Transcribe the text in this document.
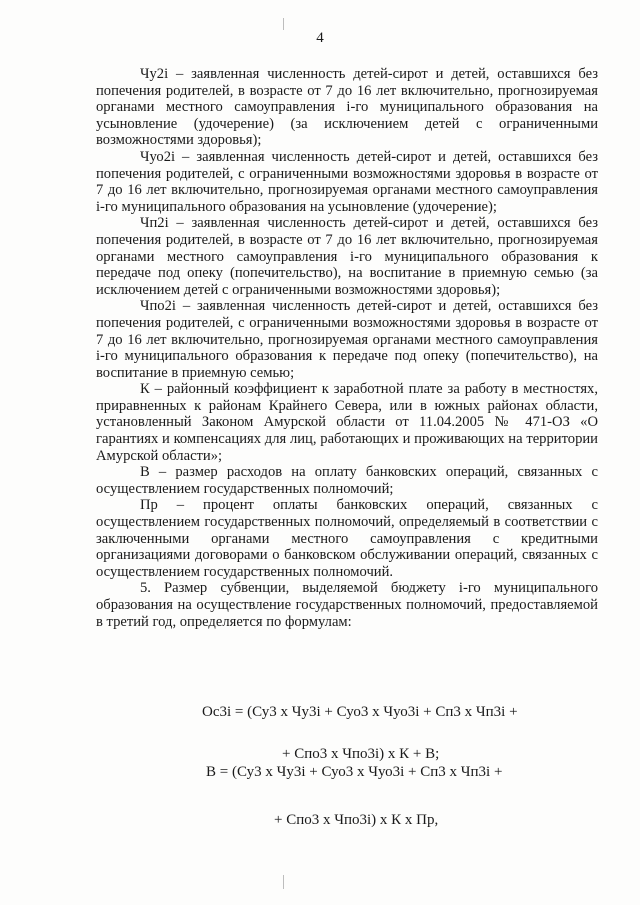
4

Чу2i – заявленная численность детей-сирот и детей, оставшихся без попечения родителей, в возрасте от 7 до 16 лет включительно, прогнозируемая органами местного самоуправления i-го муниципального образования на усыновление (удочерение) (за исключением детей с ограниченными возможностями здоровья);

Чуо2i – заявленная численность детей-сирот и детей, оставшихся без попечения родителей, с ограниченными возможностями здоровья в возрасте от 7 до 16 лет включительно, прогнозируемая органами местного самоуправления i-го муниципального образования на усыновление (удочерение);

Чп2i – заявленная численность детей-сирот и детей, оставшихся без попечения родителей, в возрасте от 7 до 16 лет включительно, прогнозируемая органами местного самоуправления i-го муниципального образования к передаче под опеку (попечительство), на воспитание в приемную семью (за исключением детей с ограниченными возможностями здоровья);

Чпо2i – заявленная численность детей-сирот и детей, оставшихся без попечения родителей, с ограниченными возможностями здоровья в возрасте от 7 до 16 лет включительно, прогнозируемая органами местного самоуправления i-го муниципального образования к передаче под опеку (попечительство), на воспитание в приемную семью;

К – районный коэффициент к заработной плате за работу в местностях, приравненных к районам Крайнего Севера, или в южных районах области, установленный Законом Амурской области от 11.04.2005 № 471-ОЗ «О гарантиях и компенсациях для лиц, работающих и проживающих на территории Амурской области»;

В – размер расходов на оплату банковских операций, связанных с осуществлением государственных полномочий;

Пр – процент оплаты банковских операций, связанных с осуществлением государственных полномочий, определяемый в соответствии с заключенными органами местного самоуправления с кредитными организациями договорами о банковском обслуживании операций, связанных с осуществлением государственных полномочий.

5. Размер субвенции, выделяемой бюджету i-го муниципального образования на осуществление государственных полномочий, предоставляемой в третий год, определяется по формулам:

Ос3i = (Су3 х Чу3i + Суо3 х Чуо3i + Сп3 х Чп3i +
+ Спо3 х Чпо3i) х К + В;
В = (Су3 х Чу3i + Суо3 х Чуо3i + Сп3 х Чп3i +
+ Спо3 х Чпо3i) х К х Пр,
